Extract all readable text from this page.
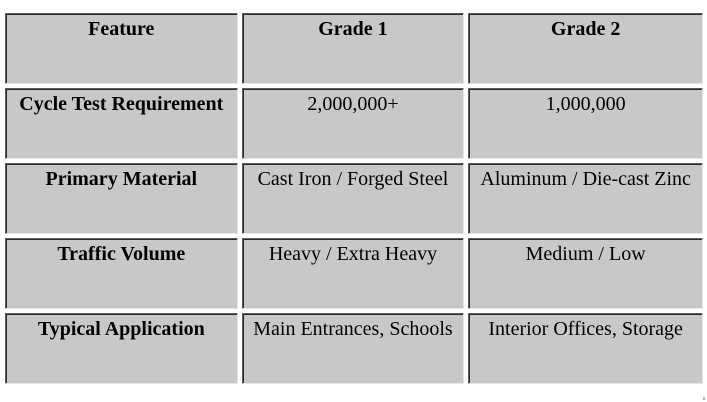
Feature	Grade 1	Grade 2

Cycle Test Requirement	2,000,000+	1,000,000

Primary Material	Cast Iron / Forged Steel	Aluminum / Die-cast Zinc

Traffic Volume	Heavy / Extra Heavy	Medium / Low

Typical Application	Main Entrances, Schools	Interior Offices, Storage
